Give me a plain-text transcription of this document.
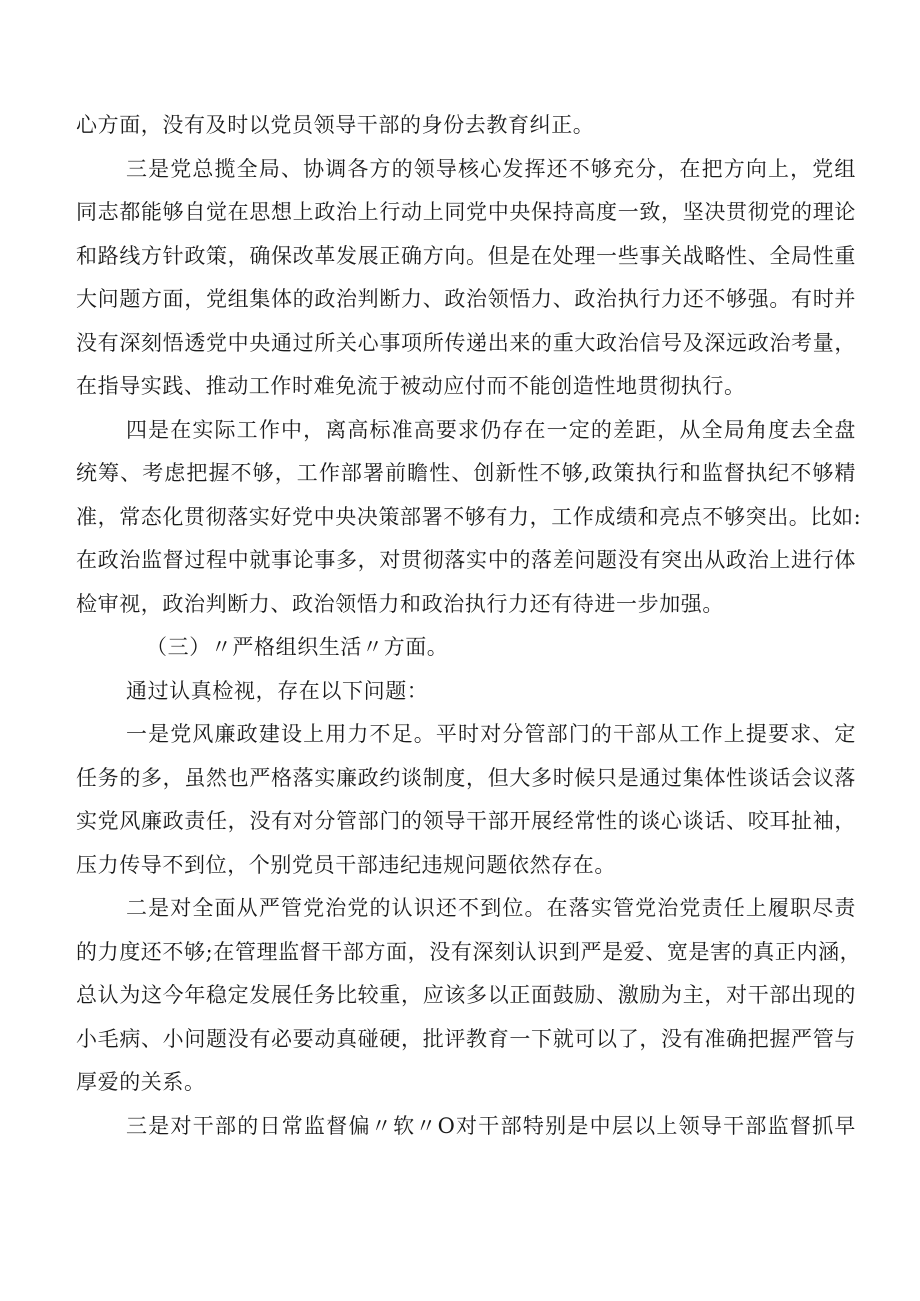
心方面，没有及时以党员领导干部的身份去教育纠正。
三是党总揽全局、协调各方的领导核心发挥还不够充分，在把方向上，党组
同志都能够自觉在思想上政治上行动上同党中央保持高度一致，坚决贯彻党的理论
和路线方针政策，确保改革发展正确方向。但是在处理一些事关战略性、全局性重
大问题方面，党组集体的政治判断力、政治领悟力、政治执行力还不够强。有时并
没有深刻悟透党中央通过所关心事项所传递出来的重大政治信号及深远政治考量，
在指导实践、推动工作时难免流于被动应付而不能创造性地贯彻执行。
四是在实际工作中，离高标准高要求仍存在一定的差距，从全局角度去全盘
统筹、考虑把握不够，工作部署前瞻性、创新性不够,政策执行和监督执纪不够精
准，常态化贯彻落实好党中央决策部署不够有力，工作成绩和亮点不够突出。比如:
在政治监督过程中就事论事多，对贯彻落实中的落差问题没有突出从政治上进行体
检审视，政治判断力、政治领悟力和政治执行力还有待进一步加强。
（三）〃严格组织生活〃方面。
通过认真检视，存在以下问题：
一是党风廉政建设上用力不足。平时对分管部门的干部从工作上提要求、定
任务的多，虽然也严格落实廉政约谈制度，但大多时候只是通过集体性谈话会议落
实党风廉政责任，没有对分管部门的领导干部开展经常性的谈心谈话、咬耳扯袖，
压力传导不到位，个别党员干部违纪违规问题依然存在。
二是对全面从严管党治党的认识还不到位。在落实管党治党责任上履职尽责
的力度还不够;在管理监督干部方面，没有深刻认识到严是爱、宽是害的真正内涵，
总认为这今年稳定发展任务比较重，应该多以正面鼓励、激励为主，对干部出现的
小毛病、小问题没有必要动真碰硬，批评教育一下就可以了，没有准确把握严管与
厚爱的关系。
三是对干部的日常监督偏〃软〃O对干部特别是中层以上领导干部监督抓早
